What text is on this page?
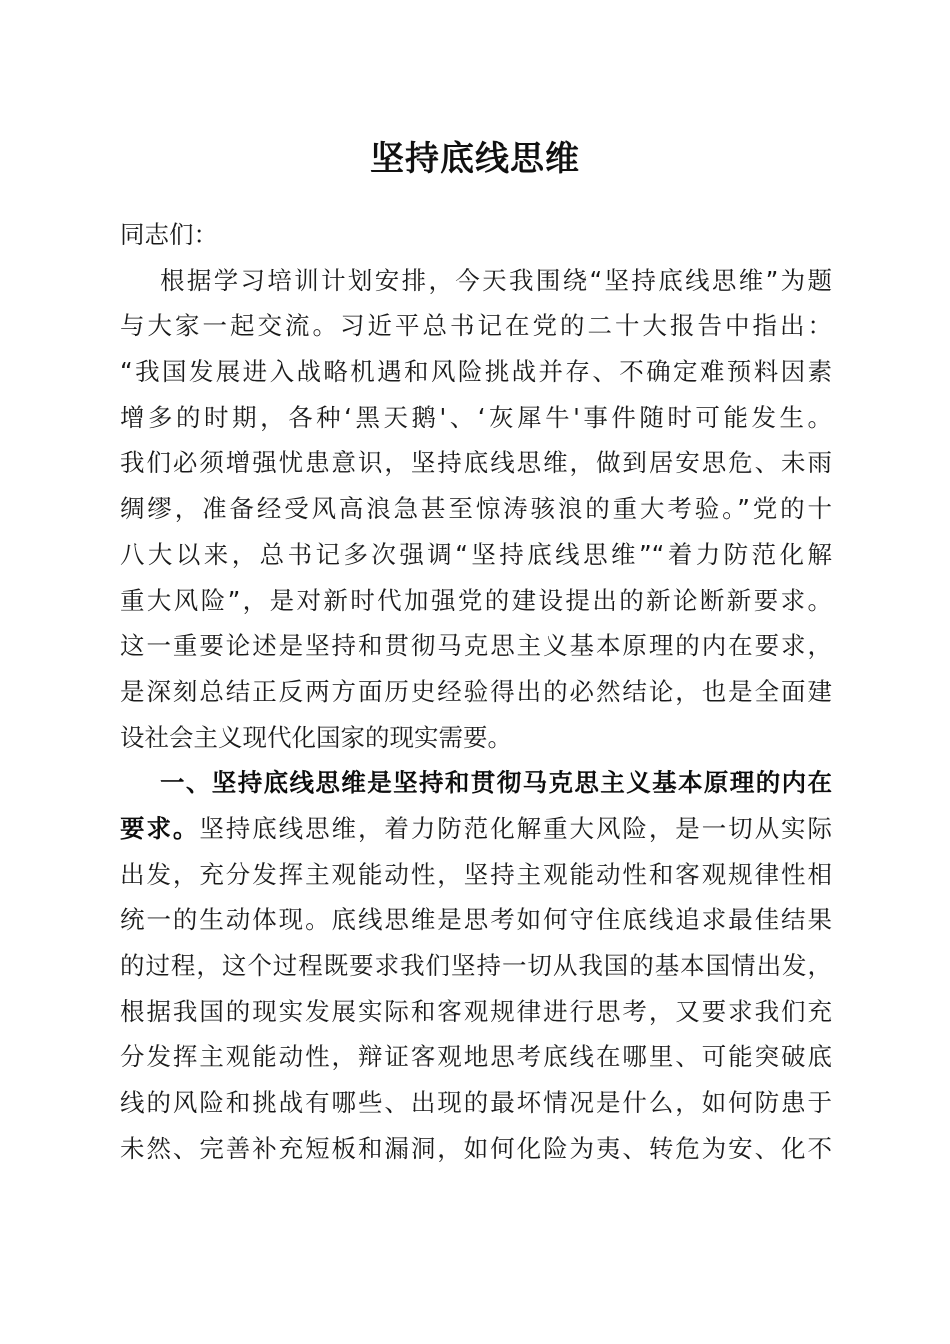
坚持底线思维
同志们：
根据学习培训计划安排，今天我围绕“坚持底线思维”为题
与大家一起交流。习近平总书记在党的二十大报告中指出：
“我国发展进入战略机遇和风险挑战并存、不确定难预料因素
增多的时期，各种‘黑天鹅'、‘灰犀牛'事件随时可能发生。
我们必须增强忧患意识，坚持底线思维，做到居安思危、未雨
绸缪，准备经受风高浪急甚至惊涛骇浪的重大考验。”党的十
八大以来，总书记多次强调“坚持底线思维”“着力防范化解
重大风险”，是对新时代加强党的建设提出的新论断新要求。
这一重要论述是坚持和贯彻马克思主义基本原理的内在要求，
是深刻总结正反两方面历史经验得出的必然结论，也是全面建
设社会主义现代化国家的现实需要。
一、坚持底线思维是坚持和贯彻马克思主义基本原理的内在
要求。坚持底线思维，着力防范化解重大风险，是一切从实际
出发，充分发挥主观能动性，坚持主观能动性和客观规律性相
统一的生动体现。底线思维是思考如何守住底线追求最佳结果
的过程，这个过程既要求我们坚持一切从我国的基本国情出发，
根据我国的现实发展实际和客观规律进行思考，又要求我们充
分发挥主观能动性，辩证客观地思考底线在哪里、可能突破底
线的风险和挑战有哪些、出现的最坏情况是什么，如何防患于
未然、完善补充短板和漏洞，如何化险为夷、转危为安、化不
